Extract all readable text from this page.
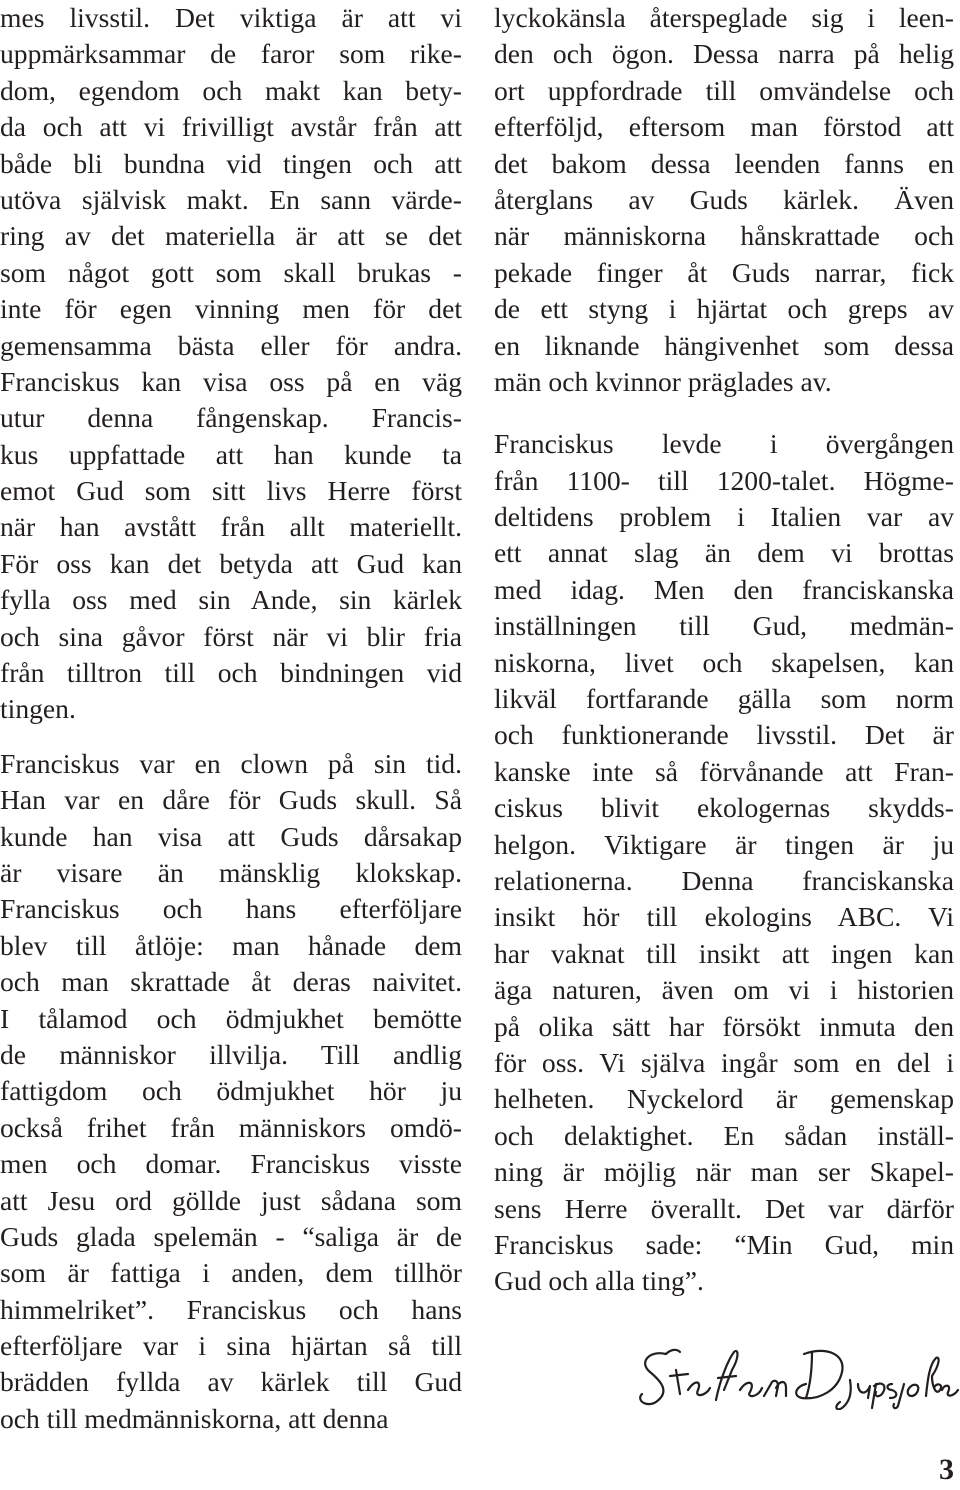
mes livsstil. Det viktiga är att vi
uppmärksammar de faror som rike-
dom, egendom och makt kan bety-
da och att vi frivilligt avstår från att
både bli bundna vid tingen och att
utöva självisk makt. En sann värde-
ring av det materiella är att se det
som något gott som skall brukas -
inte för egen vinning men för det
gemensamma bästa eller för andra.
Franciskus kan visa oss på en väg
utur denna fångenskap. Francis-
kus uppfattade att han kunde ta
emot Gud som sitt livs Herre först
när han avstått från allt materiellt.
För oss kan det betyda att Gud kan
fylla oss med sin Ande, sin kärlek
och sina gåvor först när vi blir fria
från tilltron till och bindningen vid
tingen.
Franciskus var en clown på sin tid.
Han var en dåre för Guds skull. Så
kunde han visa att Guds dårsakap
är visare än mänsklig klokskap.
Franciskus och hans efterföljare
blev till åtlöje: man hånade dem
och man skrattade åt deras naivitet.
I tålamod och ödmjukhet bemötte
de människor illvilja. Till andlig
fattigdom och ödmjukhet hör ju
också frihet från människors omdö-
men och domar. Franciskus visste
att Jesu ord göllde just sådana som
Guds glada spelemän - “saliga är de
som är fattiga i anden, dem tillhör
himmelriket”. Franciskus och hans
efterföljare var i sina hjärtan så till
brädden fyllda av kärlek till Gud
och till medmänniskorna, att denna
lyckokänsla återspeglade sig i leen-
den och ögon. Dessa narra på helig
ort uppfordrade till omvändelse och
efterföljd, eftersom man förstod att
det bakom dessa leenden fanns en
återglans av Guds kärlek. Även
när människorna hånskrattade och
pekade finger åt Guds narrar, fick
de ett styng i hjärtat och greps av
en liknande hängivenhet som dessa
män och kvinnor präglades av.
Franciskus levde i övergången
från 1100- till 1200-talet. Högme-
deltidens problem i Italien var av
ett annat slag än dem vi brottas
med idag. Men den franciskanska
inställningen till Gud, medmän-
niskorna, livet och skapelsen, kan
likväl fortfarande gälla som norm
och funktionerande livsstil. Det är
kanske inte så förvånande att Fran-
ciskus blivit ekologernas skydds-
helgon. Viktigare är tingen är ju
relationerna. Denna franciskanska
insikt hör till ekologins ABC. Vi
har vaknat till insikt att ingen kan
äga naturen, även om vi i historien
på olika sätt har försökt inmuta den
för oss. Vi själva ingår som en del i
helheten. Nyckelord är gemenskap
och delaktighet. En sådan inställ-
ning är möjlig när man ser Skapel-
sens Herre överallt. Det var därför
Franciskus sade: “Min Gud, min
Gud och alla ting”.
3
